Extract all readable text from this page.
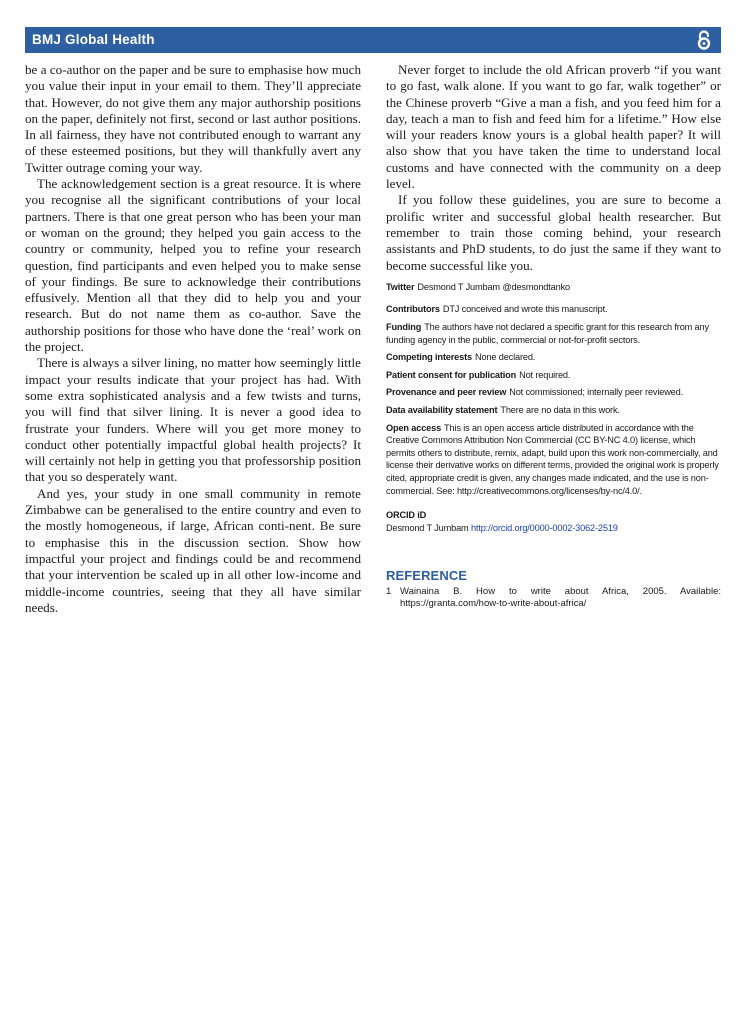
BMJ Global Health

be a co-author on the paper and be sure to emphasise how much you value their input in your email to them. They’ll appreciate that. However, do not give them any major authorship positions on the paper, definitely not first, second or last author positions. In all fairness, they have not contributed enough to warrant any of these esteemed positions, but they will thankfully avert any Twitter outrage coming your way.

The acknowledgement section is a great resource. It is where you recognise all the significant contributions of your local partners. There is that one great person who has been your man or woman on the ground; they helped you gain access to the country or community, helped you to refine your research question, find participants and even helped you to make sense of your findings. Be sure to acknowledge their contributions effusively. Mention all that they did to help you and your research. But do not name them as co-author. Save the authorship positions for those who have done the ‘real’ work on the project.

There is always a silver lining, no matter how seemingly little impact your results indicate that your project has had. With some extra sophisticated analysis and a few twists and turns, you will find that silver lining. It is never a good idea to frustrate your funders. Where will you get more money to conduct other potentially impactful global health projects? It will certainly not help in getting you that professorship position that you so desperately want.

And yes, your study in one small community in remote Zimbabwe can be generalised to the entire country and even to the mostly homogeneous, if large, African conti-nent. Be sure to emphasise this in the discussion section. Show how impactful your project and findings could be and recommend that your intervention be scaled up in all other low-income and middle-income countries, seeing that they all have similar needs.

Never forget to include the old African proverb “if you want to go fast, walk alone. If you want to go far, walk together” or the Chinese proverb “Give a man a fish, and you feed him for a day, teach a man to fish and feed him for a lifetime.” How else will your readers know yours is a global health paper? It will also show that you have taken the time to understand local customs and have connected with the community on a deep level.

If you follow these guidelines, you are sure to become a prolific writer and successful global health researcher. But remember to train those coming behind, your research assistants and PhD students, to do just the same if they want to become successful like you.

Twitter Desmond T Jumbam @desmondtanko

Contributors DTJ conceived and wrote this manuscript.

Funding The authors have not declared a specific grant for this research from any funding agency in the public, commercial or not-for-profit sectors.

Competing interests None declared.

Patient consent for publication Not required.

Provenance and peer review Not commissioned; internally peer reviewed.

Data availability statement There are no data in this work.

Open access This is an open access article distributed in accordance with the Creative Commons Attribution Non Commercial (CC BY-NC 4.0) license, which permits others to distribute, remix, adapt, build upon this work non-commercially, and license their derivative works on different terms, provided the original work is properly cited, appropriate credit is given, any changes made indicated, and the use is non-commercial. See: http://creativecommons.org/licenses/by-nc/4.0/.

ORCID iD

Desmond T Jumbam http://orcid.org/0000-0002-3062-2519

REFERENCE
1 Wainaina B. How to write about Africa, 2005. Available: https://granta.com/how-to-write-about-africa/
